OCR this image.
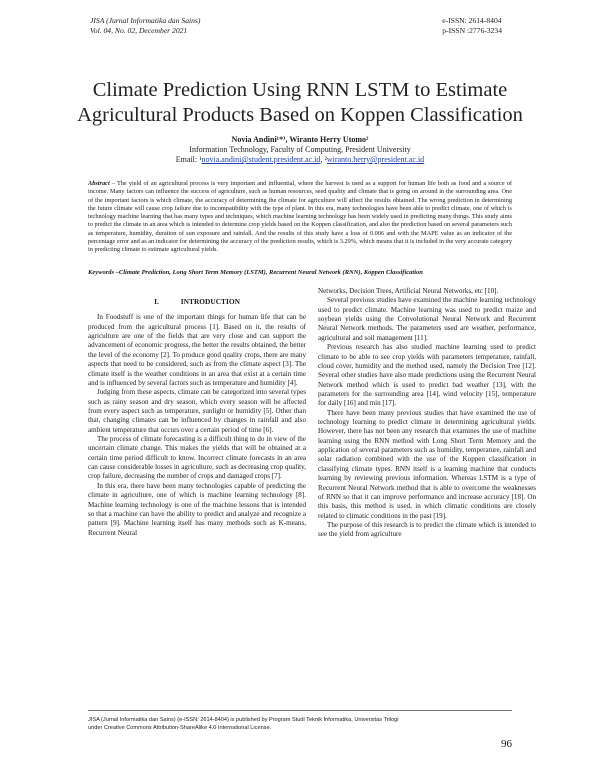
JISA (Jurnal Informatika dan Sains)
Vol. 04, No. 02, December 2021
e-ISSN: 2614-8404
p-ISSN :2776-3234
Climate Prediction Using RNN LSTM to Estimate
Agricultural Products Based on Koppen Classification
Novia Andini¹*⁾, Wiranto Herry Utomo²
Information Technology, Faculty of Computing, President University
Email: ¹novia.andini@student.president.ac.id, ²wiranto.herry@president.ac.id
Abstract – The yield of an agricultural process is very important and influential, where the harvest is used as a support for human life both as food and a source of income. Many factors can influence the success of agriculture, such as human resources, seed quality and climate that is going on around in the surrounding area. One of the important factors is which climate, the accuracy of determining the climate for agriculture will affect the results obtained. The wrong prediction in determining the future climate will cause crop failure due to incompatibility with the type of plant. In this era, many technologies have been able to predict climate, one of which is technology machine learning that has many types and techniques, which machine learning technology has been widely used in predicting many things. This study aims to predict the climate in an area which is intended to determine crop yields based on the Koppen classification, and also the prediction based on several parameters such as temperature, humidity, duration of sun exposure and rainfall. And the results of this study have a loss of 0.006 and with the MAPE value as an indicator of the percentage error and as an indicator for determining the accuracy of the prediction results, which is 3.29%, which means that it is included in the very accurate category in predicting climate to estimate agricultural yields.
Keywords –Climate Prediction, Long Short Term Memory (LSTM), Recurrent Neural Network (RNN), Koppen Classification
I.	INTRODUCTION

In Foodstuff is one of the important things for human life that can be produced from the agricultural process [1]. Based on it, the results of agriculture are one of the fields that are very close and can support the advancement of economic progress, the better the results obtained, the better the level of the economy [2]. To produce good quality crops, there are many aspects that need to be considered, such as from the climate aspect [3]. The climate itself is the weather conditions in an area that exist at a certain time and is influenced by several factors such as temperature and humidity [4].

Judging from these aspects, climate can be categorized into several types such as rainy season and dry season, which every season will be affected from every aspect such as temperature, sunlight or humidity [5]. Other than that, changing climates can be influenced by changes in rainfall and also ambient temperature that occurs over a certain period of time [6].

The process of climate forecasting is a difficult thing to do in view of the uncertain climate change. This makes the yields that will be obtained at a certain time period difficult to know. Incorrect climate forecasts in an area can cause considerable losses in agriculture, such as decreasing crop quality, crop failure, decreasing the number of crops and damaged crops [7].

In this era, there have been many technologies capable of predicting the climate in agriculture, one of which is machine learning technology [8]. Machine learning technology is one of the machine lessons that is intended so that a machine can have the ability to predict and analyze and recognize a pattern [9]. Machine learning itself has many methods such as K-means, Recurrent Neural

Networks, Decision Trees, Artificial Neural Networks, etc [10].

Several previous studies have examined the machine learning technology used to predict climate. Machine learning was used to predict maize and soybean yields using the Convolutional Neural Network and Recurrent Neural Network methods. The parameters used are weather, performance, agricultural and soil management [11].

Previous research has also studied machine learning used to predict climate to be able to see crop yields with parameters temperature, rainfall, cloud cover, humidity and the method used, namely the Decision Tree [12]. Several other studies have also made predictions using the Recurrent Neural Network method which is used to predict bad weather [13], with the parameters for the surrounding area [14], wind velocity [15], temperature for daily [16] and min [17].

There have been many previous studies that have examined the use of technology learning to predict climate in determining agricultural yields. However, there has not been any research that examines the use of machine learning using the RNN method with Long Short Term Memory and the application of several parameters such as humidity, temperature, rainfall and solar radiation combined with the use of the Koppen classification in classifying climate types. RNN itself is a learning machine that conducts learning by reviewing previous information. Whereas LSTM is a type of Recurrent Neural Network method that is able to overcome the weaknesses of RNN so that it can improve performance and increase accuracy [18]. On this basis, this method is used, in which climatic conditions are closely related to climatic conditions in the past [19].

The purpose of this research is to predict the climate which is intended to see the yield from agriculture

JISA (Jurnal Informatika dan Sains) (e-ISSN: 2614-8404) is published by Program Studi Teknik Informatika, Universitas Trilogi
under Creative Commons Attribution-ShareAlike 4.0 International License.
96
